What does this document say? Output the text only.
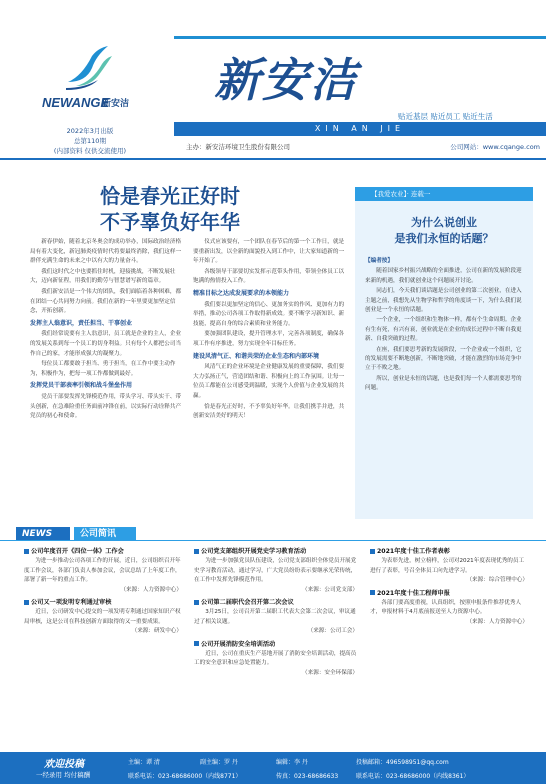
NEWANGE
新安洁
2022年3月出版
总第110期
(内部资料 仅供交流使用)
新安洁
贴近基层 贴近员工 贴近生活
XIN AN JIE
主办：新安洁环境卫生股份有限公司	公司网站：www.cqange.com
恰是春光正好时
不予辜负好年华

新春伊始，随着北京冬奥会的成功举办，国际政治经济格局有着大变化，新冠肺炎疫情时代将要最终消除，我们这样一群伴充满生命的未来之中以有大的力量奋斗。

我们这时代之中也要抓住时机，迎接挑战，不断发展壮大，迈向新征程，用我们的勤劳与智慧谱写新的篇章。

我们新安洁是一个伟大的团队，我们面临着各种困难，都在团结一心共同努力向前。我们在新的一年里要更加坚定信念，开拓创新。

发挥主人翁意识，责任担当、干事创业

我们经常说要有主人翁意识，员工就是企业的主人，企业的发展关系到每一个员工的切身利益。只有每个人都把公司当作自己的家，才能形成强大的凝聚力。

每位员工都要敢于担当、勇于担当，在工作中要主动作为，积极作为，把每一项工作都做到最好。

发挥党员干部表率引领和战斗堡垒作用

党员干部要发挥先锋模范作用，带头学习、带头实干、带头创新，在急难险重任务面前冲锋在前，以实际行动诠释共产党员的初心和使命。

仪式应该要有，一个团队在春节后的第一个工作日，就是要重新出发，以全新的面貌投入到工作中，让大家知道新的一年开始了。

各级领导干部要切实发挥示范带头作用，带领全体员工以饱满的热情投入工作。

精准目标之达成发展要求的本领能力

我们要以更加坚定的信心、更加务实的作风、更加有力的举措，推动公司各项工作取得新成效。要不断学习新知识、新技能，提高自身的综合素质和业务能力。

要加强团队建设，提升管理水平，完善各项制度，确保各项工作有序推进，努力实现全年目标任务。

建设风清气正、和谐共荣的企业生态和内部环境

风清气正的企业环境是企业健康发展的重要保障，我们要大力弘扬正气，营造团结和谐、积极向上的工作氛围。让每一位员工都能在公司感受到温暖，实现个人价值与企业发展的共赢。

恰是春光正好时，不予辜负好年华。让我们携手并进，共创新安洁美好的明天！

【我爱农业】· 连载一
为什么说创业
是我们永恒的话题？

【编者按】

随着国家乡村振兴战略的全面推进，公司在新的发展阶段迎来新的机遇，我们就创业这个问题展开讨论。

同志们，今天我们谈话题是公司创业的第二次创业，在进入主题之前，我想先从生物学和哲学的角度谈一下，为什么我们说创业是一个永恒的话题。

一个企业，一个组织和生物体一样，都有个生命周期。企业有生有死，有兴有衰，创业就是在企业的成长过程中不断自我更新、自我突破的过程。

在座，我们要思考新的发展阶段，一个企业或一个组织，它的发展需要不断地创新，不断地突破，才能在激烈的市场竞争中立于不败之地。

所以，创业是永恒的话题，也是我们每一个人都需要思考的问题。

NEWS	公司简讯
公司年度召开《四位一体》工作会

为进一步推动公司各项工作的开展，近日，公司组织召开年度工作会议，各部门负责人参加会议，会议总结了上年度工作，部署了新一年的重点工作。

（来源：人力资源中心）

公司又一项发明专利通过审核

近日，公司研发中心提交的一项发明专利通过国家知识产权局审核，这是公司在科技创新方面取得的又一重要成果。

（来源：研发中心）

公司党支部组织开展党史学习教育活动

为进一步加强党员队伍建设，公司党支部组织全体党员开展党史学习教育活动，通过学习，广大党员纷纷表示要继承光荣传统，在工作中发挥先锋模范作用。

（来源：公司党支部）

公司第二届职代会召开第二次会议

3月25日，公司召开第二届职工代表大会第二次会议，审议通过了相关议题。

（来源：公司工会）

公司开展消防安全培训活动

近日，公司在重庆生产基地开展了消防安全培训活动，提高员工的安全意识和应急处置能力。

（来源：安全环保部）

2021年度十佳工作者表彰

为表彰先进，树立榜样，公司对2021年度表现优秀的员工进行了表彰，号召全体员工向先进学习。

（来源：综合管理中心）

2021年度十佳工程师申报

各部门要高度重视，认真组织，按照申报条件推荐优秀人才，申报材料于4月底前报送至人力资源中心。

（来源：人力资源中心）

欢迎投稿
一经录用 均付稿酬
主编：谭 清	副主编：罗 丹	编辑：李 丹	投稿邮箱：496598951@qq.com
联系电话：023-68686000（内线8771）	传真：023-68686633	联系电话：023-68686000（内线8361）
